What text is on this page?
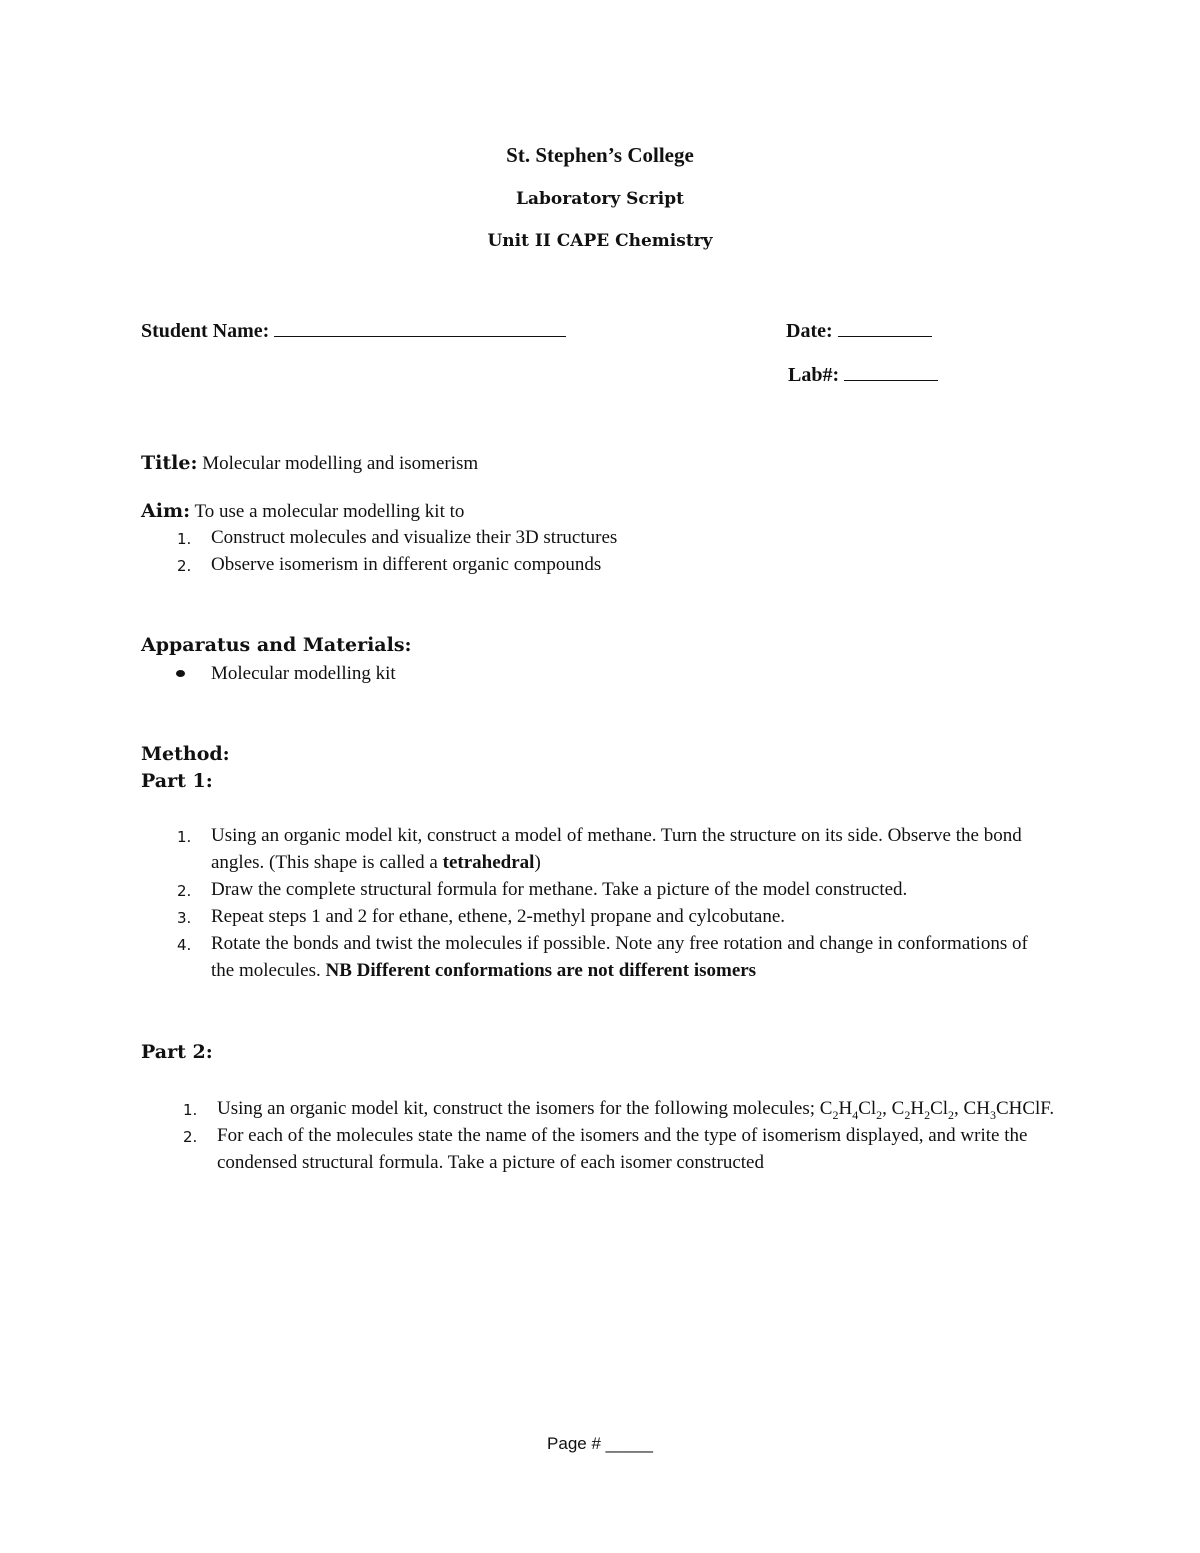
St. Stephen’s College
Laboratory Script
Unit II CAPE Chemistry
Student Name:	Date:
Lab#:
Title: Molecular modelling and isomerism
Aim: To use a molecular modelling kit to
1. Construct molecules and visualize their 3D structures
2. Observe isomerism in different organic compounds
Apparatus and Materials:
Molecular modelling kit
Method:
Part 1:
1. Using an organic model kit, construct a model of methane. Turn the structure on its side. Observe the bond angles. (This shape is called a tetrahedral)
2. Draw the complete structural formula for methane. Take a picture of the model constructed.
3. Repeat steps 1 and 2 for ethane, ethene, 2-methyl propane and cylcobutane.
4. Rotate the bonds and twist the molecules if possible. Note any free rotation and change in conformations of the molecules. NB Different conformations are not different isomers
Part 2:
1. Using an organic model kit, construct the isomers for the following molecules; $C_2H_4Cl_2$, $C_2H_2Cl_2$, $CH_3CHClF$.
2. For each of the molecules state the name of the isomers and the type of isomerism displayed, and write the condensed structural formula. Take a picture of each isomer constructed
Page # _____
